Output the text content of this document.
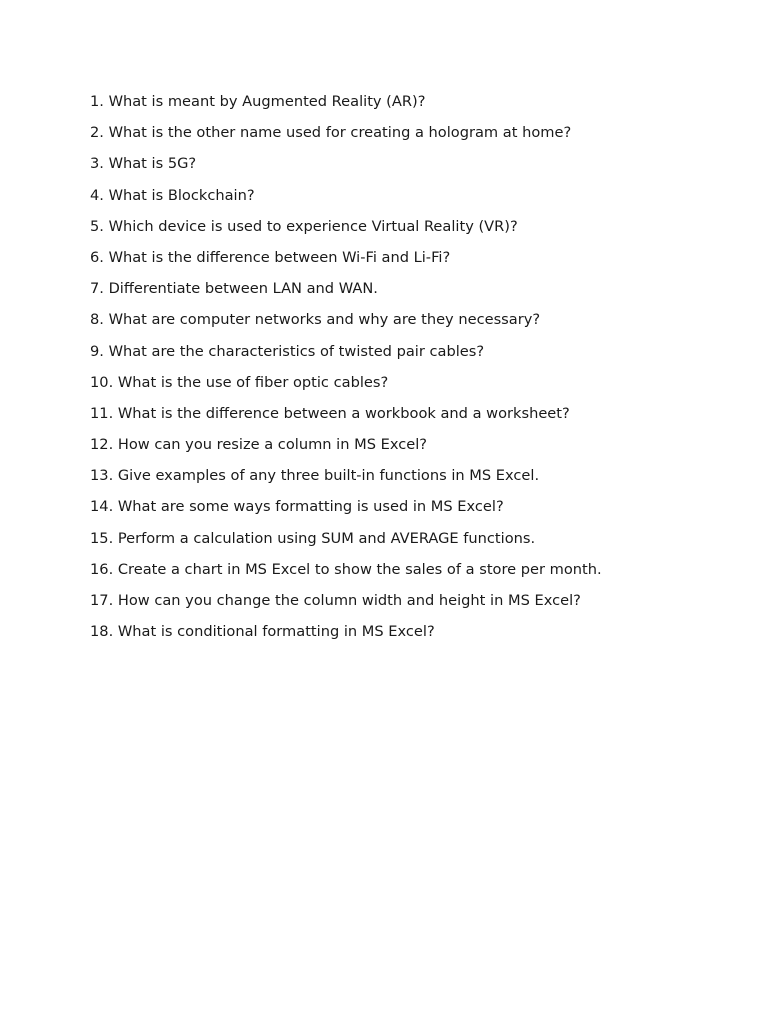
1. What is meant by Augmented Reality (AR)?
2. What is the other name used for creating a hologram at home?
3. What is 5G?
4. What is Blockchain?
5. Which device is used to experience Virtual Reality (VR)?
6. What is the difference between Wi-Fi and Li-Fi?
7. Differentiate between LAN and WAN.
8. What are computer networks and why are they necessary?
9. What are the characteristics of twisted pair cables?
10. What is the use of fiber optic cables?
11. What is the difference between a workbook and a worksheet?
12. How can you resize a column in MS Excel?
13. Give examples of any three built-in functions in MS Excel.
14. What are some ways formatting is used in MS Excel?
15. Perform a calculation using SUM and AVERAGE functions.
16. Create a chart in MS Excel to show the sales of a store per month.
17. How can you change the column width and height in MS Excel?
18. What is conditional formatting in MS Excel?
